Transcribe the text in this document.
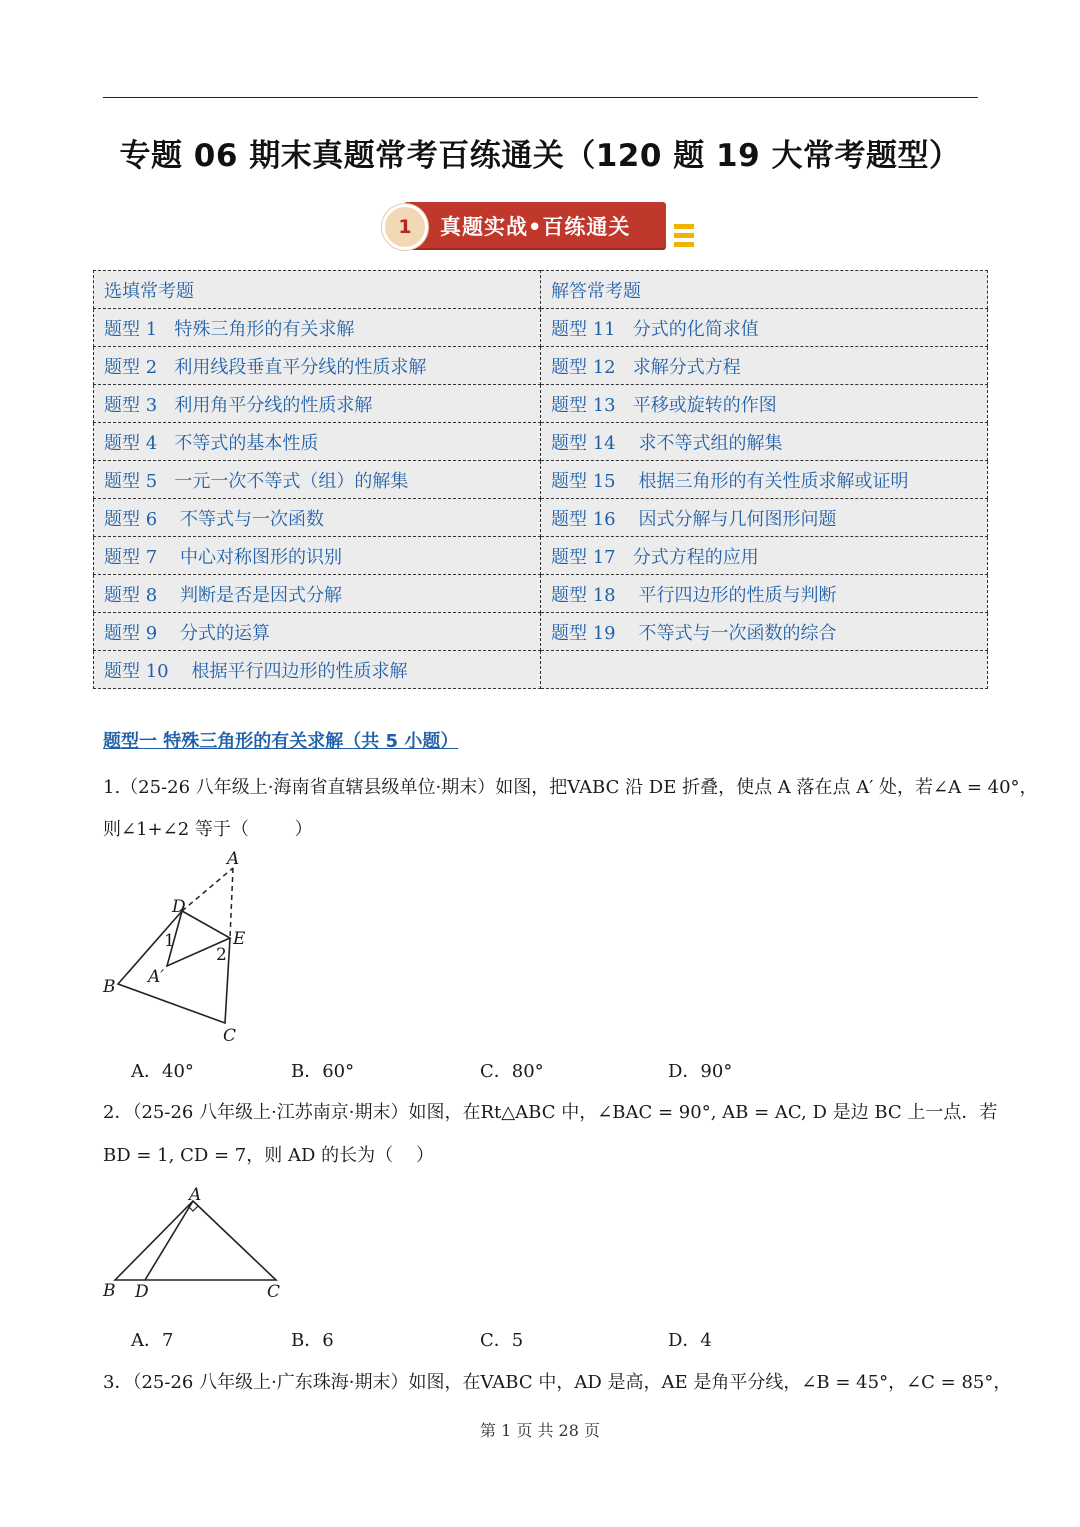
专题 06 期末真题常考百练通关（120 题 19 大常考题型）
真题实战•百练通关
1
选填常考题	解答常考题
题型 1   特殊三角形的有关求解	题型 11   分式的化简求值
题型 2   利用线段垂直平分线的性质求解	题型 12   求解分式方程
题型 3   利用角平分线的性质求解	题型 13   平移或旋转的作图
题型 4   不等式的基本性质	题型 14    求不等式组的解集
题型 5   一元一次不等式（组）的解集	题型 15    根据三角形的有关性质求解或证明
题型 6    不等式与一次函数	题型 16    因式分解与几何图形问题
题型 7    中心对称图形的识别	题型 17   分式方程的应用
题型 8    判断是否是因式分解	题型 18    平行四边形的性质与判断
题型 9    分式的运算	题型 19    不等式与一次函数的综合
题型 10    根据平行四边形的性质求解	
题型一 特殊三角形的有关求解（共 5 小题）
1.（25-26 八年级上·海南省直辖县级单位·期末）如图，把VABC 沿 DE 折叠，使点 A 落在点 A′ 处，若∠A = 40°，
则∠1+∠2 等于（        ）
A
D
E
1
2
A′
B
C
A．40°	B．60°	C．80°	D．90°
2．（25-26 八年级上·江苏南京·期末）如图，在Rt△ABC 中，∠BAC = 90°, AB = AC, D 是边 BC 上一点．若
BD = 1, CD = 7，则 AD 的长为（    ）
A
B D	C
A．7	B．6	C．5	D．4
3．（25-26 八年级上·广东珠海·期末）如图，在VABC 中，AD 是高，AE 是角平分线，∠B = 45°，∠C = 85°，
第 1 页 共 28 页
